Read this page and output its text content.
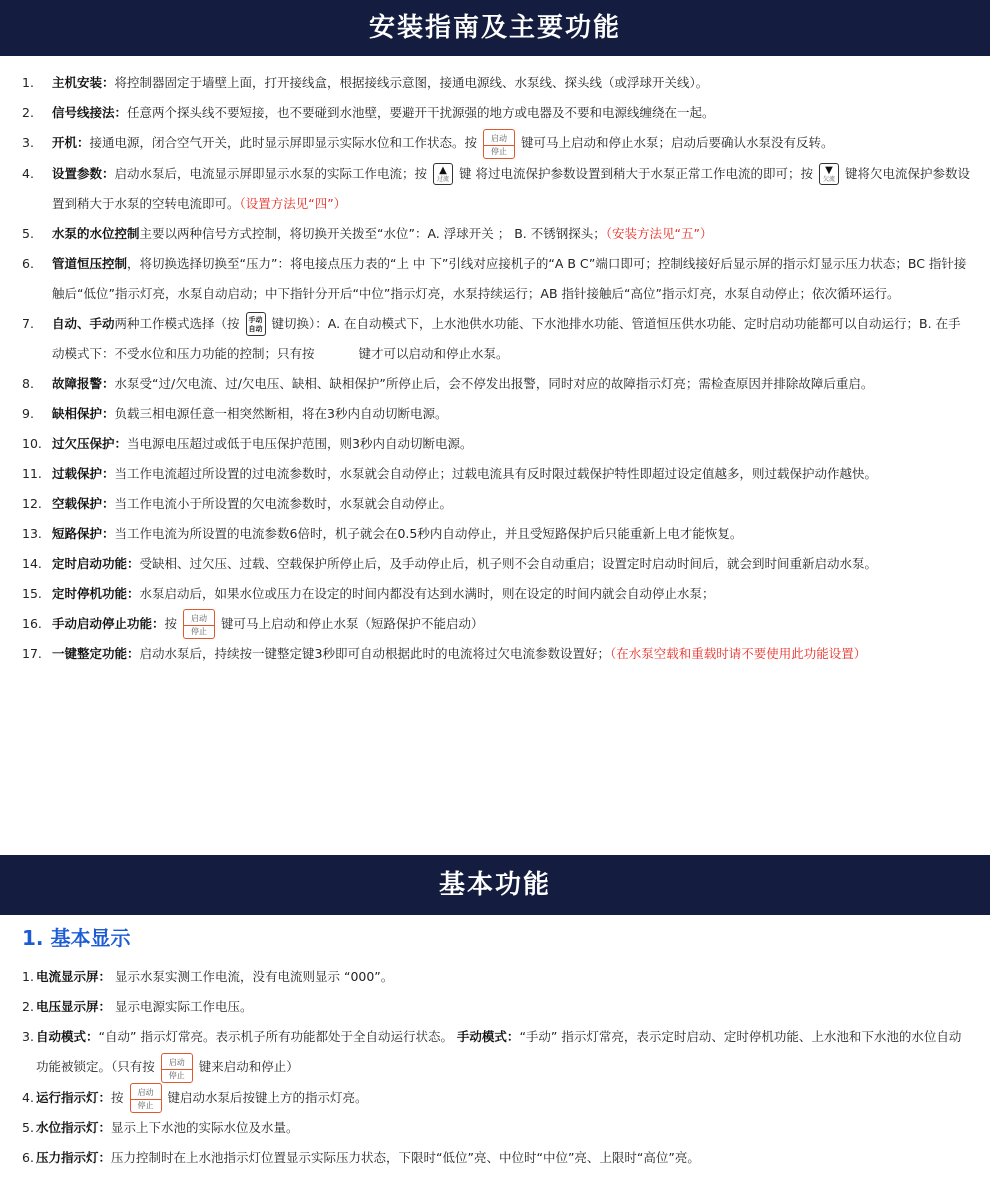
安装指南及主要功能
1.	主机安装：将控制器固定于墙壁上面，打开接线盒，根据接线示意图，接通电源线、水泵线、探头线（或浮球开关线）。
2.	信号线接法：任意两个探头线不要短接，也不要碰到水池壁，要避开干扰源强的地方或电器及不要和电源线缠绕在一起。
3.	开机：接通电源，闭合空气开关，此时显示屏即显示实际水位和工作状态。按	启动
停止
键可马上启动和停止水泵；启动后要确认水泵没有反转。
4.	设置参数：启动水泵后，电流显示屏即显示水泵的实际工作电流；按 ▲
过流 键 将过电流保护参数设置到稍大于水泵正常工作电流的即可；按 ▼
欠流 键将欠电流保护参数设置到稍大于水泵的空转电流即可。（设置方法见“四”）
5.	水泵的水位控制主要以两种信号方式控制，将切换开关拨至“水位”：A. 浮球开关 ； B. 不锈钢探头；（安装方法见“五”）
6.	管道恒压控制，将切换选择切换至“压力”：将电接点压力表的“上 中 下”引线对应接机子的“A B C”端口即可；控制线接好后显示屏的指示灯显示压力状态；BC 指针接触后“低位”指示灯亮，水泵自动启动；中下指针分开后“中位”指示灯亮，水泵持续运行；AB 指针接触后“高位”指示灯亮，水泵自动停止；依次循环运行。
7.	自动、手动两种工作模式选择（按 手动
自动 键切换）：A. 在自动模式下，上水池供水功能、下水池排水功能、管道恒压供水功能、定时启动功能都可以自动运行；B. 在手动模式下：不受水位和压力功能的控制；只有按	键才可以启动和停止水泵。
8.	故障报警：水泵受“过/欠电流、过/欠电压、缺相、缺相保护”所停止后，会不停发出报警，同时对应的故障指示灯亮；需检查原因并排除故障后重启。
9.	缺相保护：负载三相电源任意一相突然断相，将在3秒内自动切断电源。
10. 过欠压保护：当电源电压超过或低于电压保护范围，则3秒内自动切断电源。
11. 过载保护：当工作电流超过所设置的过电流参数时，水泵就会自动停止；过载电流具有反时限过载保护特性即超过设定值越多，则过载保护动作越快。
12. 空载保护：当工作电流小于所设置的欠电流参数时，水泵就会自动停止。
13. 短路保护：当工作电流为所设置的电流参数6倍时，机子就会在0.5秒内自动停止，并且受短路保护后只能重新上电才能恢复。
14. 定时启动功能：受缺相、过欠压、过载、空载保护所停止后，及手动停止后，机子则不会自动重启；设置定时启动时间后，就会到时间重新启动水泵。
15. 定时停机功能：水泵启动后，如果水位或压力在设定的时间内都没有达到水满时，则在设定的时间内就会自动停止水泵；
16. 手动启动停止功能：按	启动
停止
键可马上启动和停止水泵（短路保护不能启动）
17. 一键整定功能：启动水泵后，持续按一键整定键3秒即可自动根据此时的电流将过欠电流参数设置好；（在水泵空载和重载时请不要使用此功能设置）
基本功能
1. 基本显示
1. 电流显示屏： 显示水泵实测工作电流，没有电流则显示 “000”。
2. 电压显示屏： 显示电源实际工作电压。
3. 自动模式：“自动” 指示灯常亮。表示机子所有功能都处于全自动运行状态。 手动模式：“手动” 指示灯常亮，表示定时启动、定时停机功能、上水池和下水池的水位自动功能被锁定。（只有按	启动
停止
键来启动和停止）
4. 运行指示灯：按	启动
停止
键启动水泵后按键上方的指示灯亮。
5. 水位指示灯：显示上下水池的实际水位及水量。
6. 压力指示灯：压力控制时在上水池指示灯位置显示实际压力状态，下限时“低位”亮、中位时“中位”亮、上限时“高位”亮。
